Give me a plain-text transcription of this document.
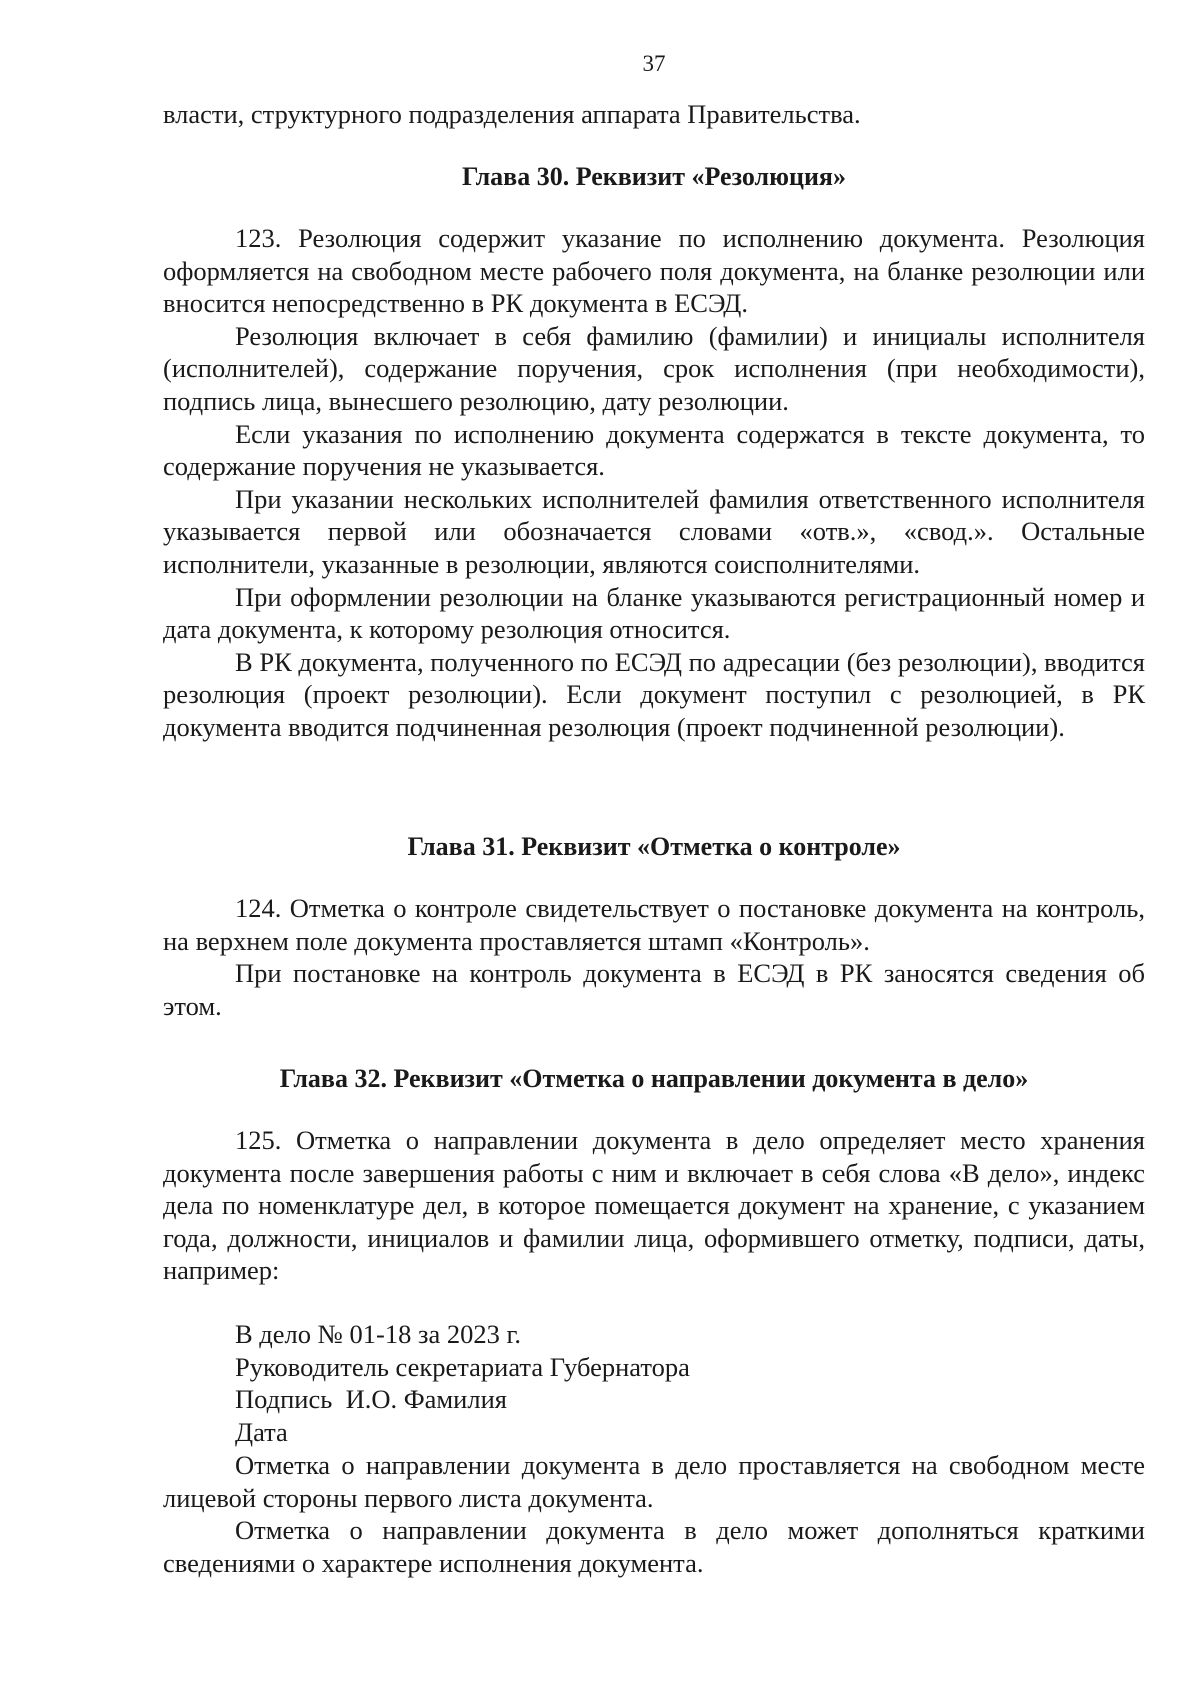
37

власти, структурного подразделения аппарата Правительства.

Глава 30. Реквизит «Резолюция»

123. Резолюция содержит указание по исполнению документа. Резолюция оформляется на свободном месте рабочего поля документа, на бланке резолюции или вносится непосредственно в РК документа в ЕСЭД.

Резолюция включает в себя фамилию (фамилии) и инициалы исполнителя (исполнителей), содержание поручения, срок исполнения (при необходимости), подпись лица, вынесшего резолюцию, дату резолюции.

Если указания по исполнению документа содержатся в тексте документа, то содержание поручения не указывается.

При указании нескольких исполнителей фамилия ответственного исполнителя указывается первой или обозначается словами «отв.», «свод.». Остальные исполнители, указанные в резолюции, являются соисполнителями.

При оформлении резолюции на бланке указываются регистрационный номер и дата документа, к которому резолюция относится.

В РК документа, полученного по ЕСЭД по адресации (без резолюции), вводится резолюция (проект резолюции). Если документ поступил с резолюцией, в РК документа вводится подчиненная резолюция (проект подчиненной резолюции).

Глава 31. Реквизит «Отметка о контроле»

124. Отметка о контроле свидетельствует о постановке документа на контроль, на верхнем поле документа проставляется штамп «Контроль».

При постановке на контроль документа в ЕСЭД в РК заносятся сведения об этом.

Глава 32. Реквизит «Отметка о направлении документа в дело»

125. Отметка о направлении документа в дело определяет место хранения документа после завершения работы с ним и включает в себя слова «В дело», индекс дела по номенклатуре дел, в которое помещается документ на хранение, с указанием года, должности, инициалов и фамилии лица, оформившего отметку, подписи, даты, например:

В дело № 01-18 за 2023 г.
Руководитель секретариата Губернатора
Подпись  И.О. Фамилия
Дата

Отметка о направлении документа в дело проставляется на свободном месте лицевой стороны первого листа документа.

Отметка о направлении документа в дело может дополняться краткими сведениями о характере исполнения документа.
